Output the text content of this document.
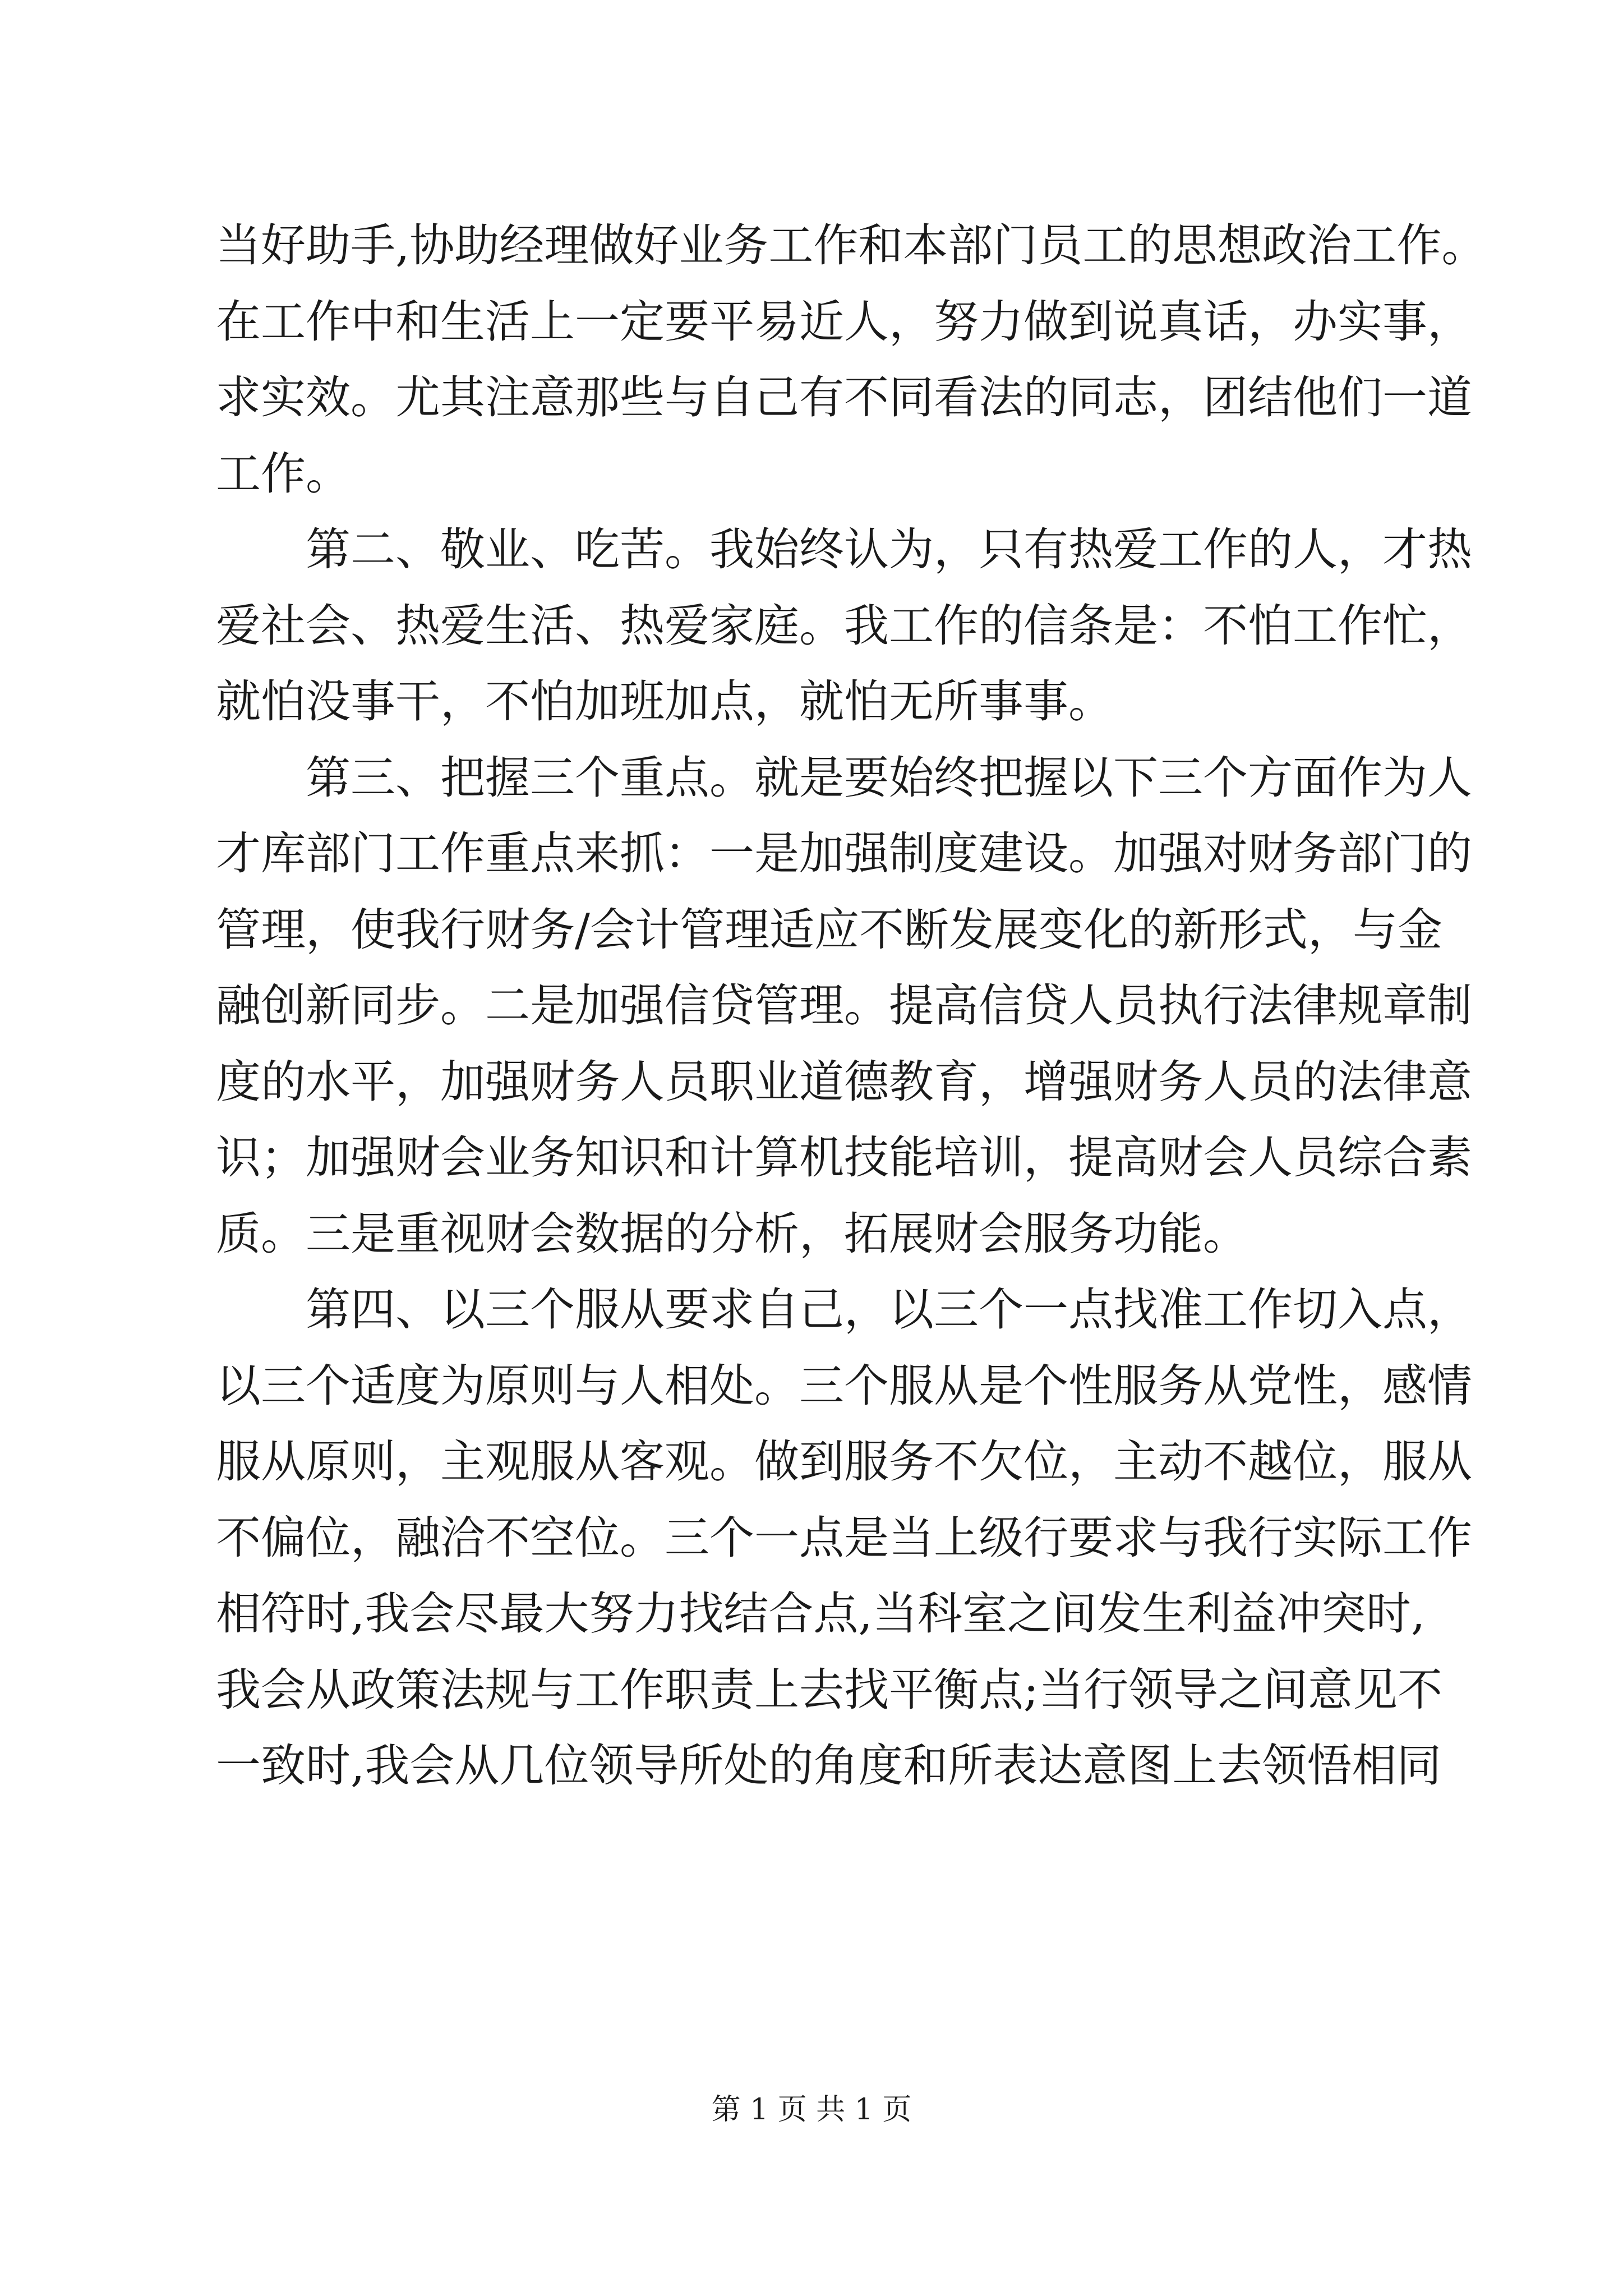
当好助手,协助经理做好业务工作和本部门员工的思想政治工作。
在工作中和生活上一定要平易近人，努力做到说真话，办实事，
求实效。尤其注意那些与自己有不同看法的同志，团结他们一道
工作。
　　第二、敬业、吃苦。我始终认为，只有热爱工作的人，才热
爱社会、热爱生活、热爱家庭。我工作的信条是：不怕工作忙，
就怕没事干，不怕加班加点，就怕无所事事。
　　第三、把握三个重点。就是要始终把握以下三个方面作为人
才库部门工作重点来抓：一是加强制度建设。加强对财务部门的
管理，使我行财务/会计管理适应不断发展变化的新形式，与金
融创新同步。二是加强信贷管理。提高信贷人员执行法律规章制
度的水平，加强财务人员职业道德教育，增强财务人员的法律意
识；加强财会业务知识和计算机技能培训，提高财会人员综合素
质。三是重视财会数据的分析，拓展财会服务功能。
　　第四、以三个服从要求自己，以三个一点找准工作切入点，
以三个适度为原则与人相处。三个服从是个性服务从党性，感情
服从原则，主观服从客观。做到服务不欠位，主动不越位，服从
不偏位，融洽不空位。三个一点是当上级行要求与我行实际工作
相符时,我会尽最大努力找结合点,当科室之间发生利益冲突时,
我会从政策法规与工作职责上去找平衡点;当行领导之间意见不
一致时,我会从几位领导所处的角度和所表达意图上去领悟相同
第 1 页 共 1 页
